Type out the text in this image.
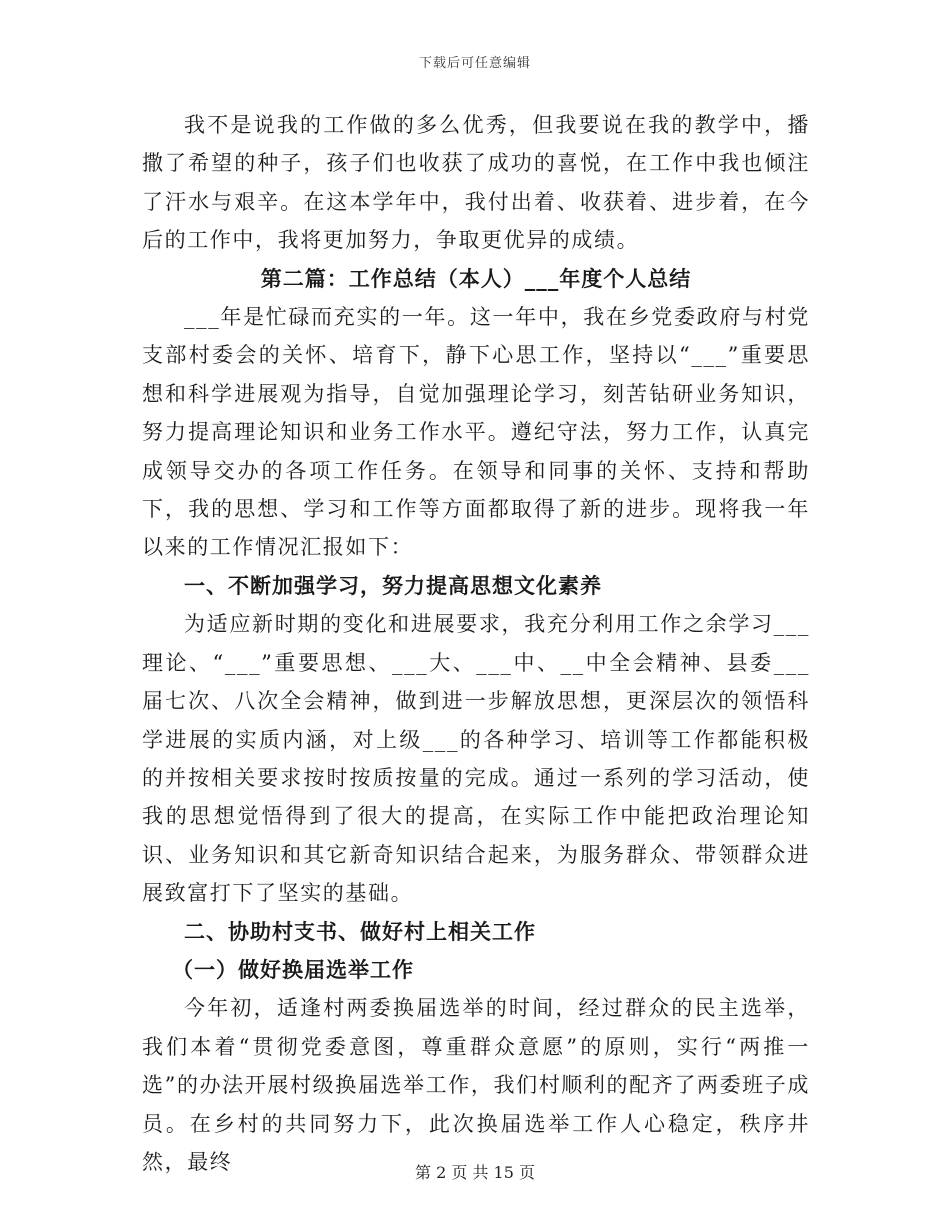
下载后可任意编辑

我不是说我的工作做的多么优秀，但我要说在我的教学中，播撒了希望的种子，孩子们也收获了成功的喜悦，在工作中我也倾注了汗水与艰辛。在这本学年中，我付出着、收获着、进步着，在今后的工作中，我将更加努力，争取更优异的成绩。

第二篇：工作总结（本人）___年度个人总结

___年是忙碌而充实的一年。这一年中，我在乡党委政府与村党支部村委会的关怀、培育下，静下心思工作，坚持以“___”重要思想和科学进展观为指导，自觉加强理论学习，刻苦钻研业务知识，努力提高理论知识和业务工作水平。遵纪守法，努力工作，认真完成领导交办的各项工作任务。在领导和同事的关怀、支持和帮助下，我的思想、学习和工作等方面都取得了新的进步。现将我一年以来的工作情况汇报如下：

一、不断加强学习，努力提高思想文化素养

为适应新时期的变化和进展要求，我充分利用工作之余学习___理论、“___”重要思想、___大、___中、__中全会精神、县委___届七次、八次全会精神，做到进一步解放思想，更深层次的领悟科学进展的实质内涵，对上级___的各种学习、培训等工作都能积极的并按相关要求按时按质按量的完成。通过一系列的学习活动，使我的思想觉悟得到了很大的提高，在实际工作中能把政治理论知识、业务知识和其它新奇知识结合起来，为服务群众、带领群众进展致富打下了坚实的基础。

二、协助村支书、做好村上相关工作

（一）做好换届选举工作

今年初，适逢村两委换届选举的时间，经过群众的民主选举，我们本着“贯彻党委意图，尊重群众意愿”的原则，实行“两推一选”的办法开展村级换届选举工作，我们村顺利的配齐了两委班子成员。在乡村的共同努力下，此次换届选举工作人心稳定，秩序井然，最终	第 2 页 共 15 页
